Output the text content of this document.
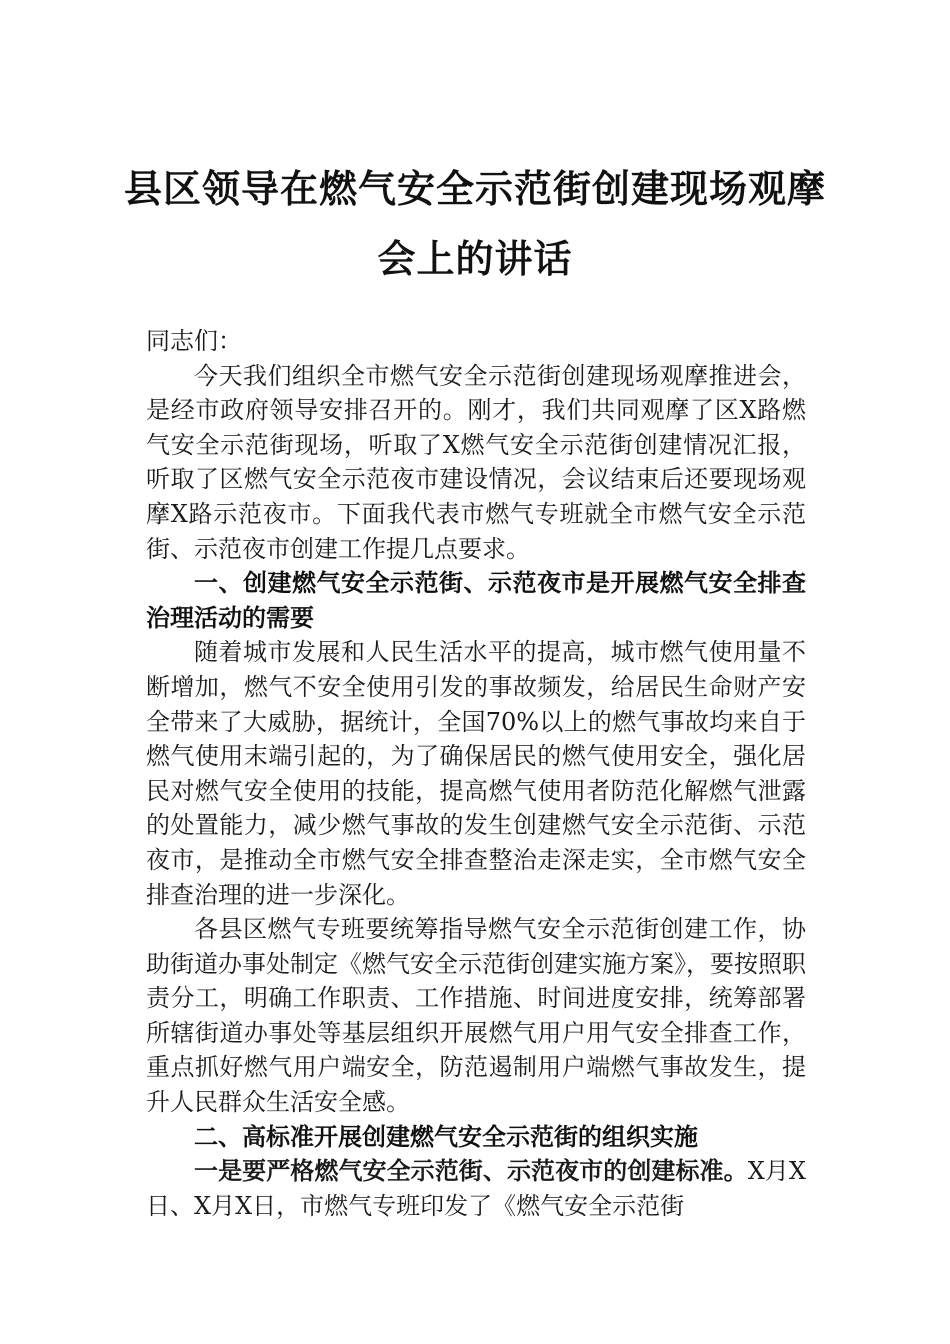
县区领导在燃气安全示范街创建现场观摩
会上的讲话

同志们：

今天我们组织全市燃气安全示范街创建现场观摩推进会，是经市政府领导安排召开的。刚才，我们共同观摩了区X路燃气安全示范街现场，听取了X燃气安全示范街创建情况汇报，听取了区燃气安全示范夜市建设情况，会议结束后还要现场观摩X路示范夜市。下面我代表市燃气专班就全市燃气安全示范街、示范夜市创建工作提几点要求。

一、创建燃气安全示范街、示范夜市是开展燃气安全排查治理活动的需要

随着城市发展和人民生活水平的提高，城市燃气使用量不断增加，燃气不安全使用引发的事故频发，给居民生命财产安全带来了大威胁，据统计，全国70%以上的燃气事故均来自于燃气使用末端引起的，为了确保居民的燃气使用安全，强化居民对燃气安全使用的技能，提高燃气使用者防范化解燃气泄露的处置能力，减少燃气事故的发生创建燃气安全示范街、示范夜市，是推动全市燃气安全排查整治走深走实，全市燃气安全排查治理的进一步深化。

各县区燃气专班要统筹指导燃气安全示范街创建工作，协助街道办事处制定《燃气安全示范街创建实施方案》，要按照职责分工，明确工作职责、工作措施、时间进度安排，统筹部署所辖街道办事处等基层组织开展燃气用户用气安全排查工作，重点抓好燃气用户端安全，防范遏制用户端燃气事故发生，提升人民群众生活安全感。

二、高标准开展创建燃气安全示范街的组织实施

一是要严格燃气安全示范街、示范夜市的创建标准。X月X日、X月X日，市燃气专班印发了《燃气安全示范街
